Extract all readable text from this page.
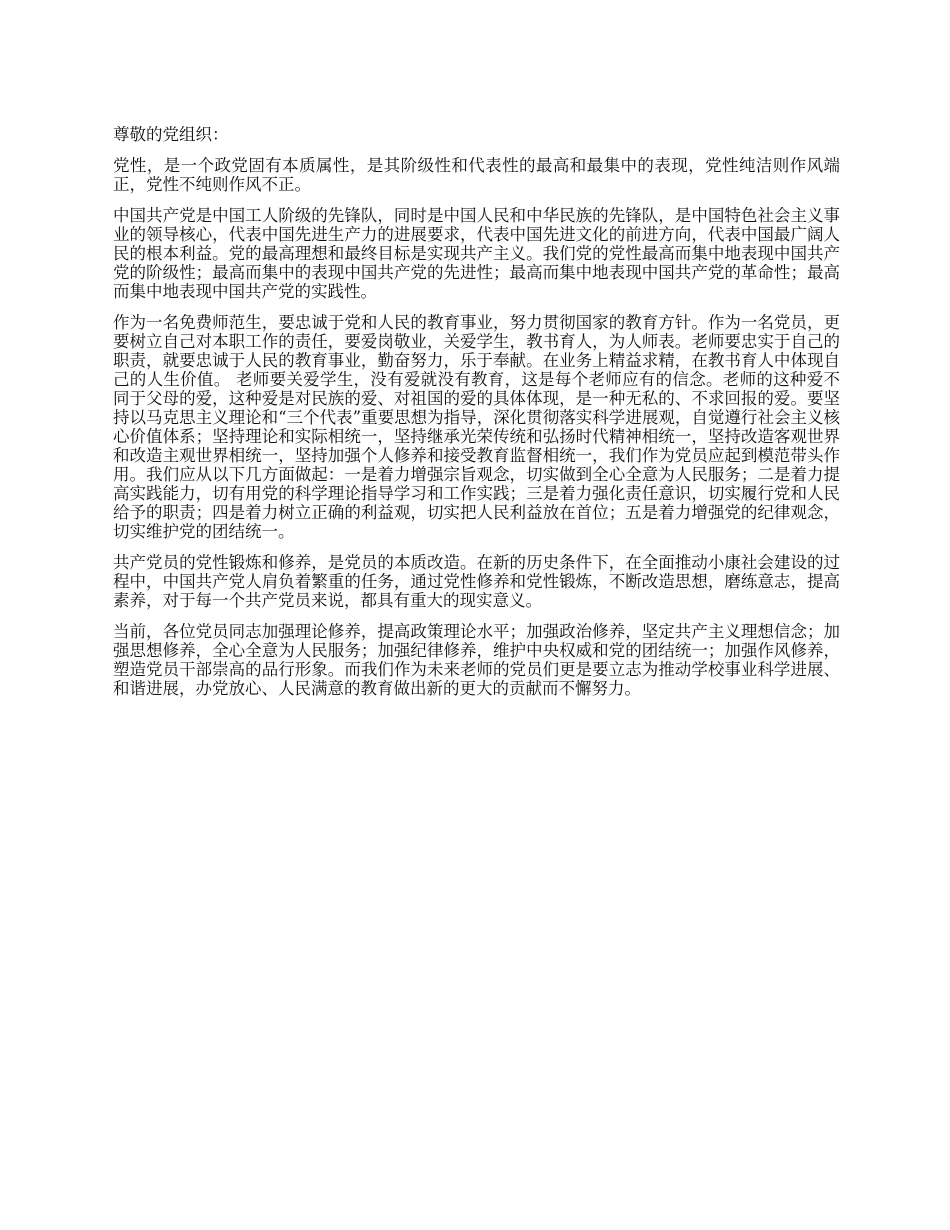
尊敬的党组织：

党性，是一个政党固有本质属性，是其阶级性和代表性的最高和最集中的表现，党性纯洁则作风端正，党性不纯则作风不正。

中国共产党是中国工人阶级的先锋队，同时是中国人民和中华民族的先锋队，是中国特色社会主义事业的领导核心，代表中国先进生产力的进展要求，代表中国先进文化的前进方向，代表中国最广阔人民的根本利益。党的最高理想和最终目标是实现共产主义。我们党的党性最高而集中地表现中国共产党的阶级性；最高而集中的表现中国共产党的先进性；最高而集中地表现中国共产党的革命性；最高而集中地表现中国共产党的实践性。

作为一名免费师范生，要忠诚于党和人民的教育事业，努力贯彻国家的教育方针。作为一名党员，更要树立自己对本职工作的责任，要爱岗敬业，关爱学生，教书育人，为人师表。老师要忠实于自己的职责，就要忠诚于人民的教育事业，勤奋努力，乐于奉献。在业务上精益求精，在教书育人中体现自己的人生价值。 老师要关爱学生，没有爱就没有教育，这是每个老师应有的信念。老师的这种爱不同于父母的爱，这种爱是对民族的爱、对祖国的爱的具体体现，是一种无私的、不求回报的爱。要坚持以马克思主义理论和“三个代表”重要思想为指导，深化贯彻落实科学进展观，自觉遵行社会主义核心价值体系；坚持理论和实际相统一，坚持继承光荣传统和弘扬时代精神相统一，坚持改造客观世界和改造主观世界相统一，坚持加强个人修养和接受教育监督相统一，我们作为党员应起到模范带头作用。我们应从以下几方面做起：一是着力增强宗旨观念，切实做到全心全意为人民服务；二是着力提高实践能力，切有用党的科学理论指导学习和工作实践；三是着力强化责任意识，切实履行党和人民给予的职责；四是着力树立正确的利益观，切实把人民利益放在首位；五是着力增强党的纪律观念，切实维护党的团结统一。

共产党员的党性锻炼和修养，是党员的本质改造。在新的历史条件下，在全面推动小康社会建设的过程中，中国共产党人肩负着繁重的任务，通过党性修养和党性锻炼，不断改造思想，磨练意志，提高素养，对于每一个共产党员来说，都具有重大的现实意义。

当前，各位党员同志加强理论修养，提高政策理论水平；加强政治修养，坚定共产主义理想信念；加强思想修养，全心全意为人民服务；加强纪律修养，维护中央权威和党的团结统一；加强作风修养，塑造党员干部崇高的品行形象。而我们作为未来老师的党员们更是要立志为推动学校事业科学进展、和谐进展，办党放心、人民满意的教育做出新的更大的贡献而不懈努力。
